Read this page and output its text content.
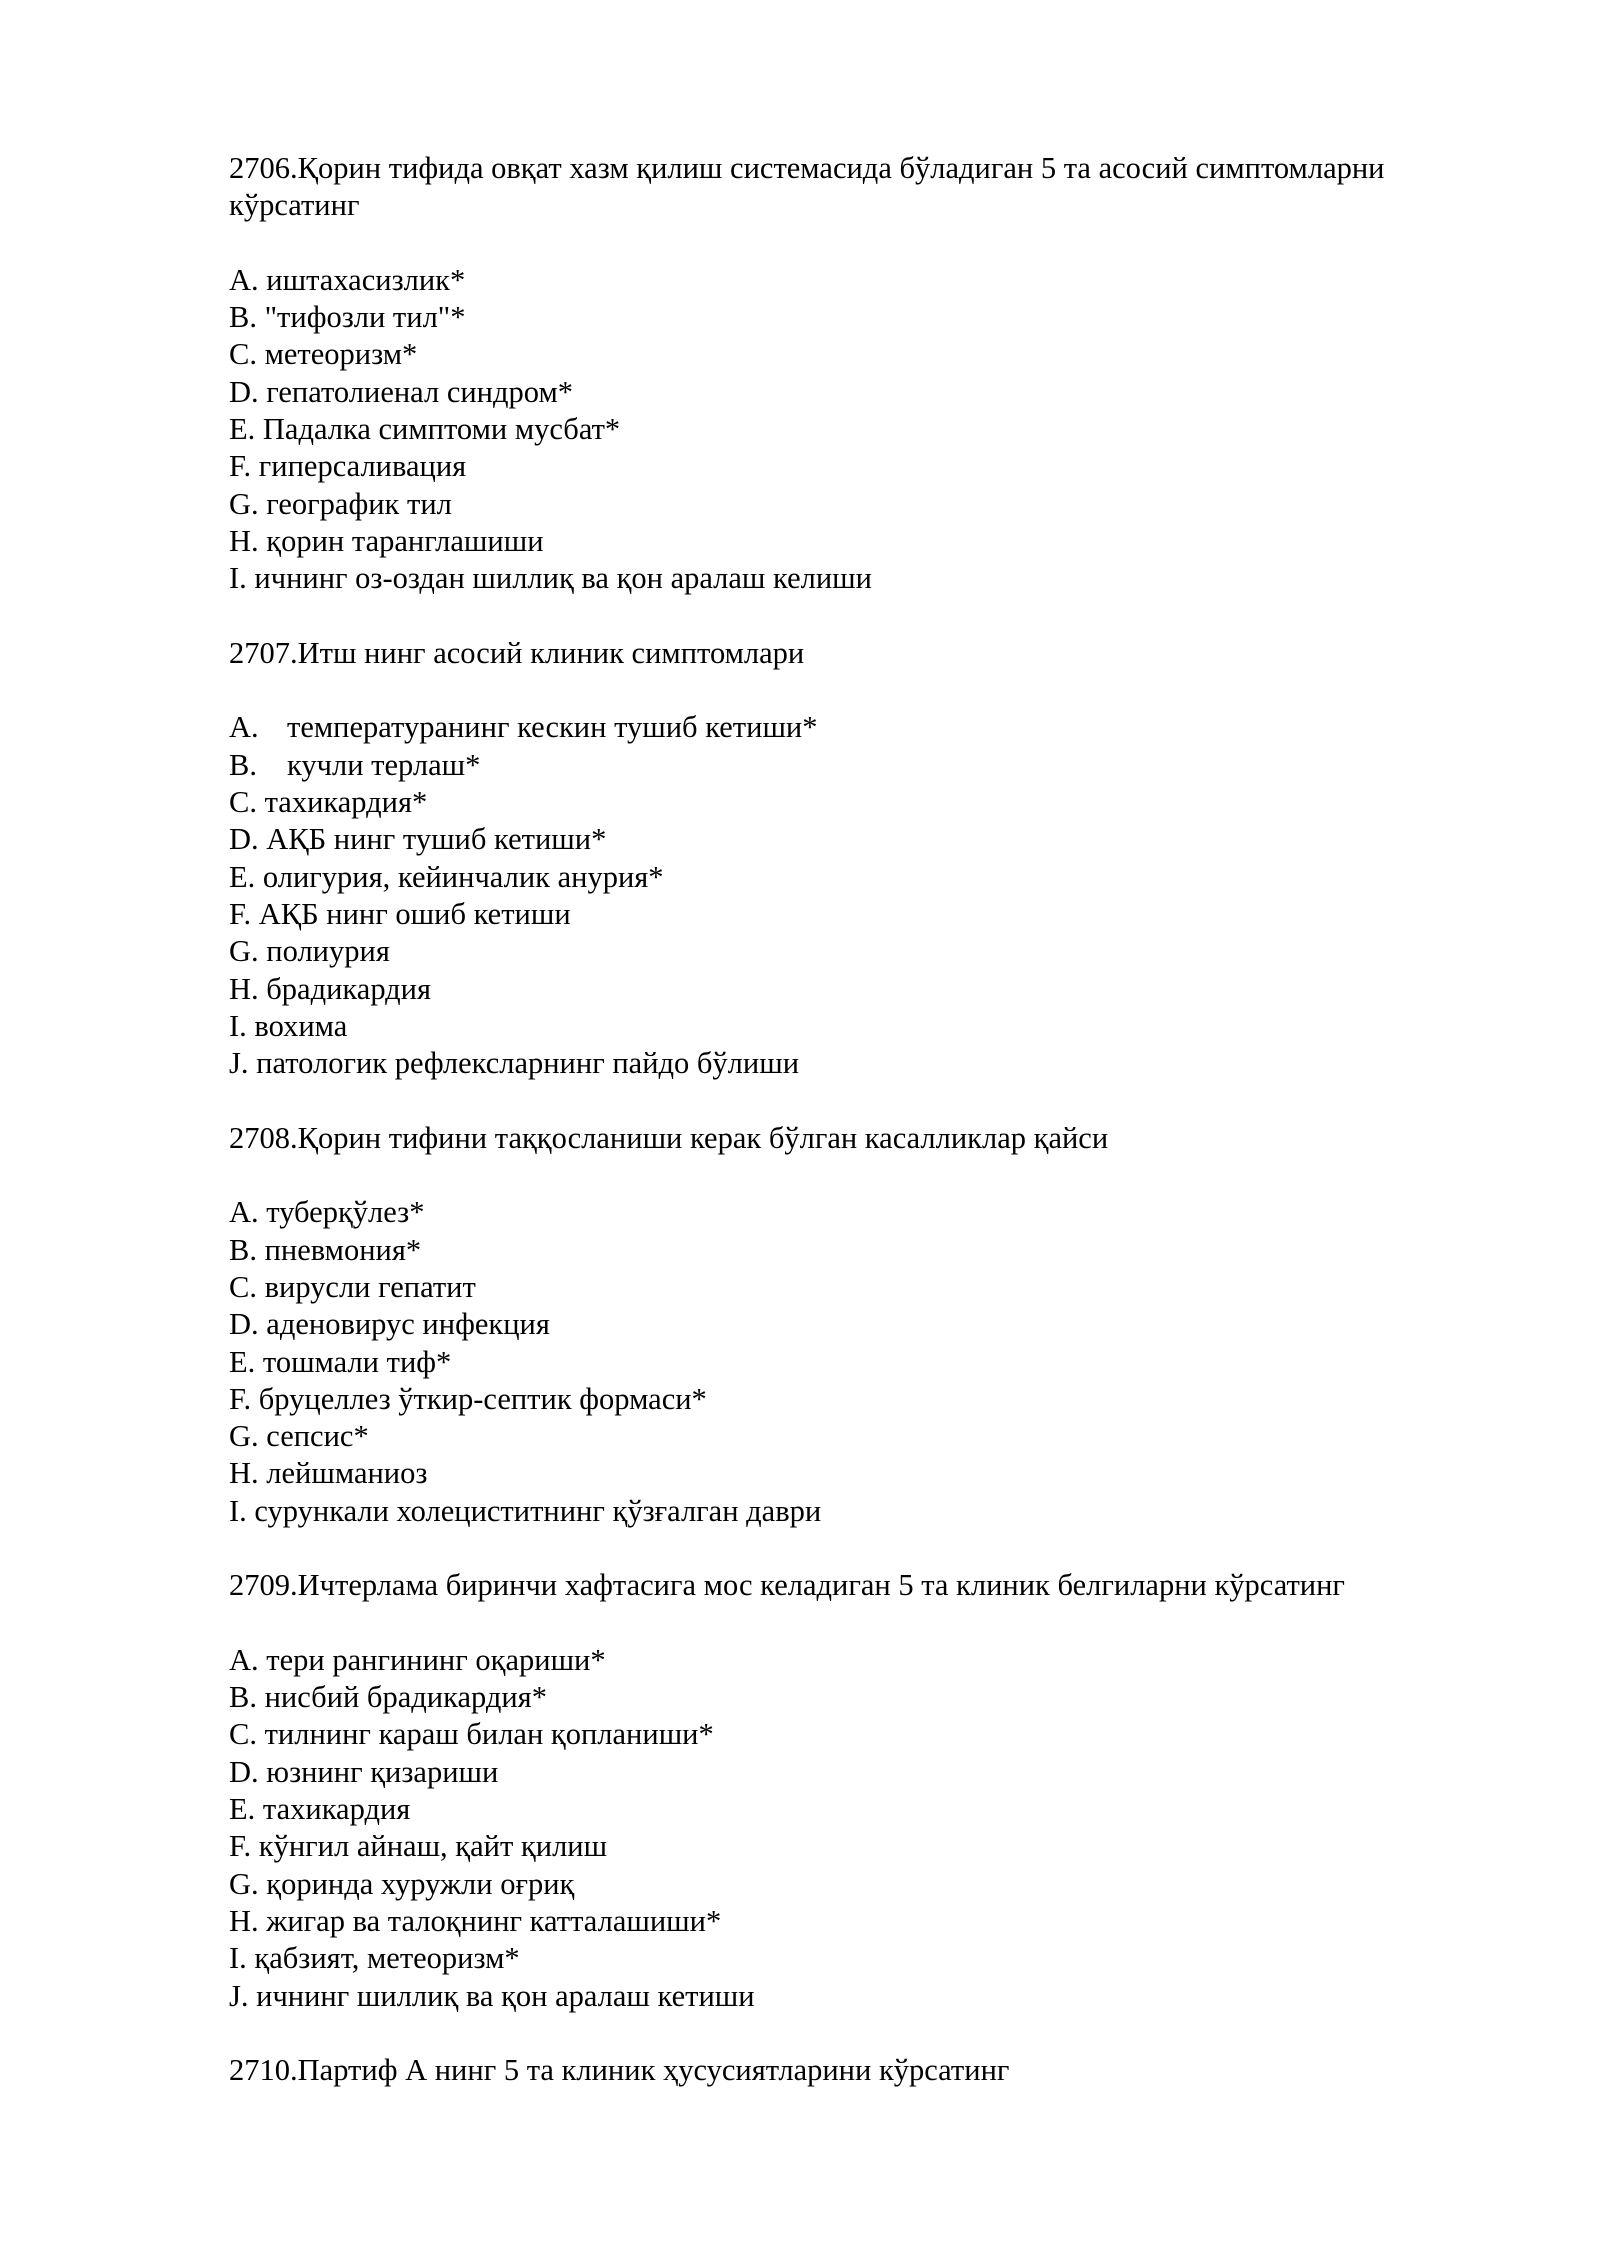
2706.Қорин тифида овқат хазм қилиш системасида бўладиган 5 та асосий симптомларни кўрсатинг
A. иштахасизлик*
B. "тифозли тил"*
C. метеоризм*
D. гепатолиенал синдром*
E. Падалка симптоми мусбат*
F. гиперсаливация
G. географик тил
H. қорин таранглашиши
I. ичнинг оз-оздан шиллиқ ва қон аралаш келиши
2707.Итш нинг асосий клиник симптомлари
A. температуранинг кескин тушиб кетиши*
B. кучли терлаш*
C. тахикардия*
D. АҚБ нинг тушиб кетиши*
E. олигурия, кейинчалик анурия*
F. АҚБ нинг ошиб кетиши
G. полиурия
H. брадикардия
I. вохима
J. патологик рефлексларнинг пайдо бўлиши
2708.Қорин тифини таққосланиши керак бўлган касалликлар қайси
A. туберқўлез*
B. пневмония*
C. вирусли гепатит
D. аденовирус инфекция
E. тошмали тиф*
F. бруцеллез ўткир-септик формаси*
G. сепсис*
H. лейшманиоз
I. сурункали холециститнинг қўзғалган даври
2709.Ичтерлама биринчи хафтасига мос келадиган 5 та клиник белгиларни кўрсатинг
A. тери рангининг оқариши*
B. нисбий брадикардия*
C. тилнинг караш билан қопланиши*
D. юзнинг қизариши
E. тахикардия
F. кўнгил айнаш, қайт қилиш
G. қоринда хуружли оғриқ
H. жигар ва талоқнинг катталашиши*
I. қабзият, метеоризм*
J. ичнинг шиллиқ ва қон аралаш кетиши
2710.Партиф А нинг 5 та клиник ҳусусиятларини кўрсатинг
